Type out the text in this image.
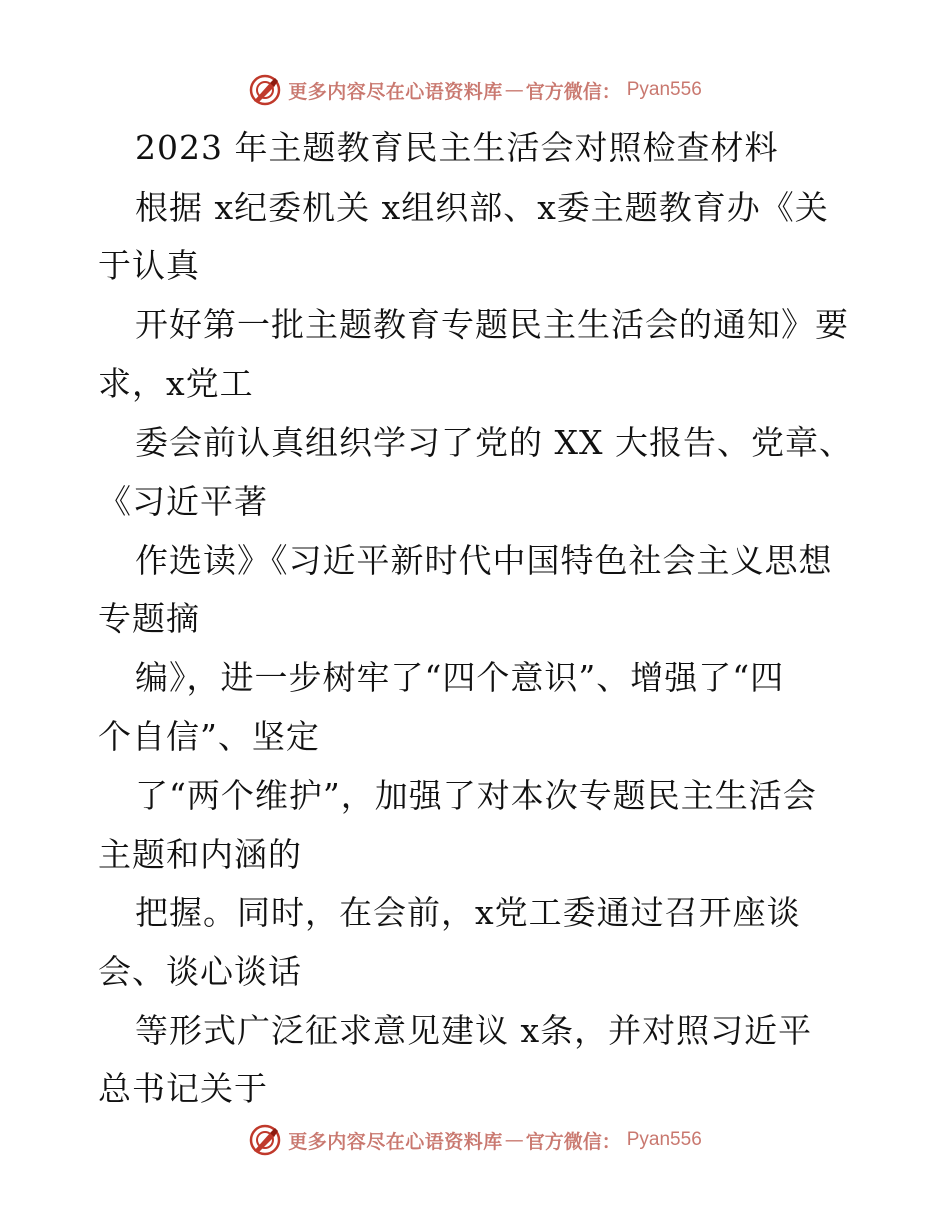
更多内容尽在心语资料库 — 官方微信： Pyan556
2023 年主题教育民主生活会对照检查材料
根据 x纪委机关 x组织部、x委主题教育办《关
于认真
开好第一批主题教育专题民主生活会的通知》要
求，x党工
委会前认真组织学习了党的 XX 大报告、党章、
《习近平著
作选读》《习近平新时代中国特色社会主义思想
专题摘
编》，进一步树牢了“四个意识”、增强了“四
个自信”、坚定
了“两个维护”，加强了对本次专题民主生活会
主题和内涵的
把握。同时，在会前，x党工委通过召开座谈
会、谈心谈话
等形式广泛征求意见建议 x条，并对照习近平
总书记关于
更多内容尽在心语资料库 — 官方微信： Pyan556
